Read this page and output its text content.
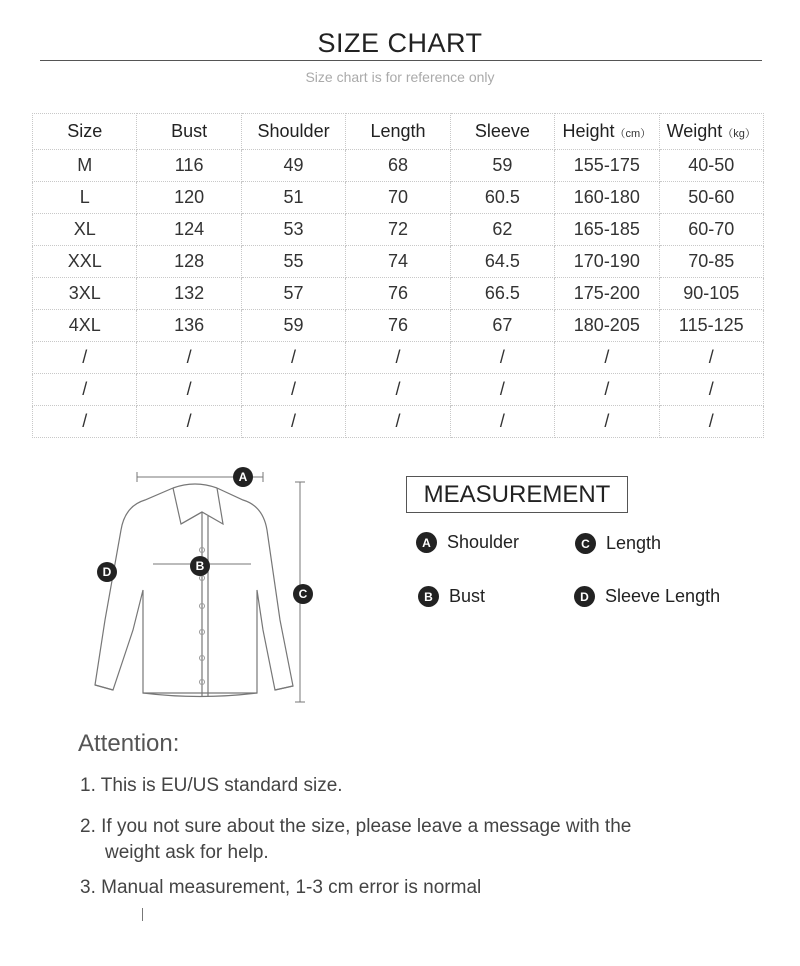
SIZE CHART
Size chart is for reference only
Size	Bust	Shoulder	Length	Sleeve	Height（cm）	Weight（kg）
M	116	49	68	59	155-175	40-50
L	120	51	70	60.5	160-180	50-60
XL	124	53	72	62	165-185	60-70
XXL	128	55	74	64.5	170-190	70-85
3XL	132	57	76	66.5	175-200	90-105
4XL	136	59	76	67	180-205	115-125
/	/	/	/	/	/	/
/	/	/	/	/	/	/
/	/	/	/	/	/	/
A
B
C
D
MEASUREMENT
A Shoulder	C Length
B Bust	D Sleeve Length
Attention:
1. This is EU/US standard size.
2. If you not sure about the size, please leave a message with the
weight ask for help.
3. Manual measurement, 1-3 cm error is normal
